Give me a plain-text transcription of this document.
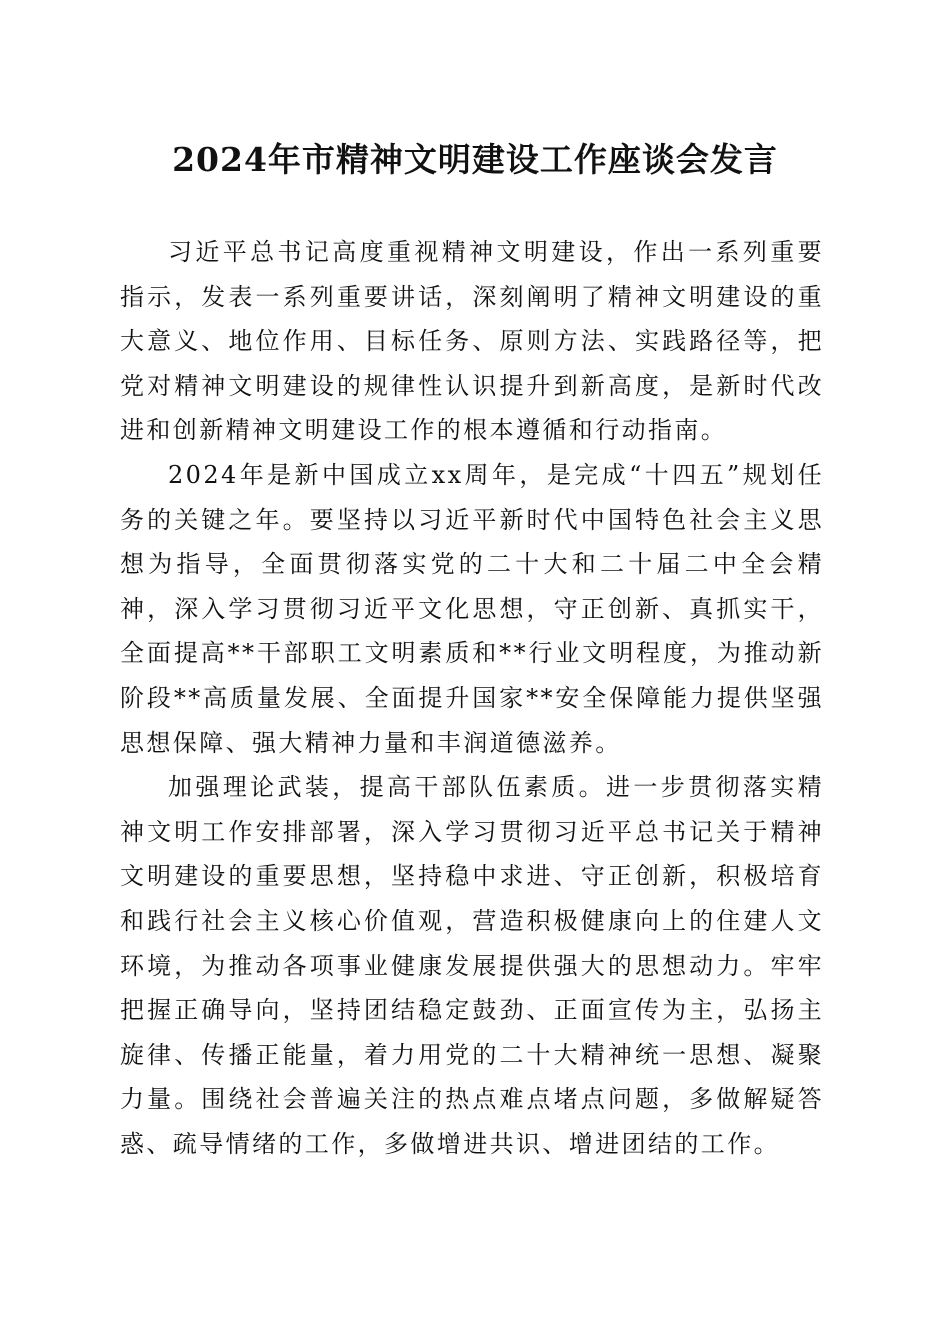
2024年市精神文明建设工作座谈会发言

习近平总书记高度重视精神文明建设，作出一系列重要指示，发表一系列重要讲话，深刻阐明了精神文明建设的重大意义、地位作用、目标任务、原则方法、实践路径等，把党对精神文明建设的规律性认识提升到新高度，是新时代改进和创新精神文明建设工作的根本遵循和行动指南。

2024年是新中国成立xx周年，是完成“十四五”规划任务的关键之年。要坚持以习近平新时代中国特色社会主义思想为指导，全面贯彻落实党的二十大和二十届二中全会精神，深入学习贯彻习近平文化思想，守正创新、真抓实干，全面提高**干部职工文明素质和**行业文明程度，为推动新阶段**高质量发展、全面提升国家**安全保障能力提供坚强思想保障、强大精神力量和丰润道德滋养。

加强理论武装，提高干部队伍素质。进一步贯彻落实精神文明工作安排部署，深入学习贯彻习近平总书记关于精神文明建设的重要思想，坚持稳中求进、守正创新，积极培育和践行社会主义核心价值观，营造积极健康向上的住建人文环境，为推动各项事业健康发展提供强大的思想动力。牢牢把握正确导向，坚持团结稳定鼓劲、正面宣传为主，弘扬主旋律、传播正能量，着力用党的二十大精神统一思想、凝聚力量。围绕社会普遍关注的热点难点堵点问题，多做解疑答惑、疏导情绪的工作，多做增进共识、增进团结的工作。
